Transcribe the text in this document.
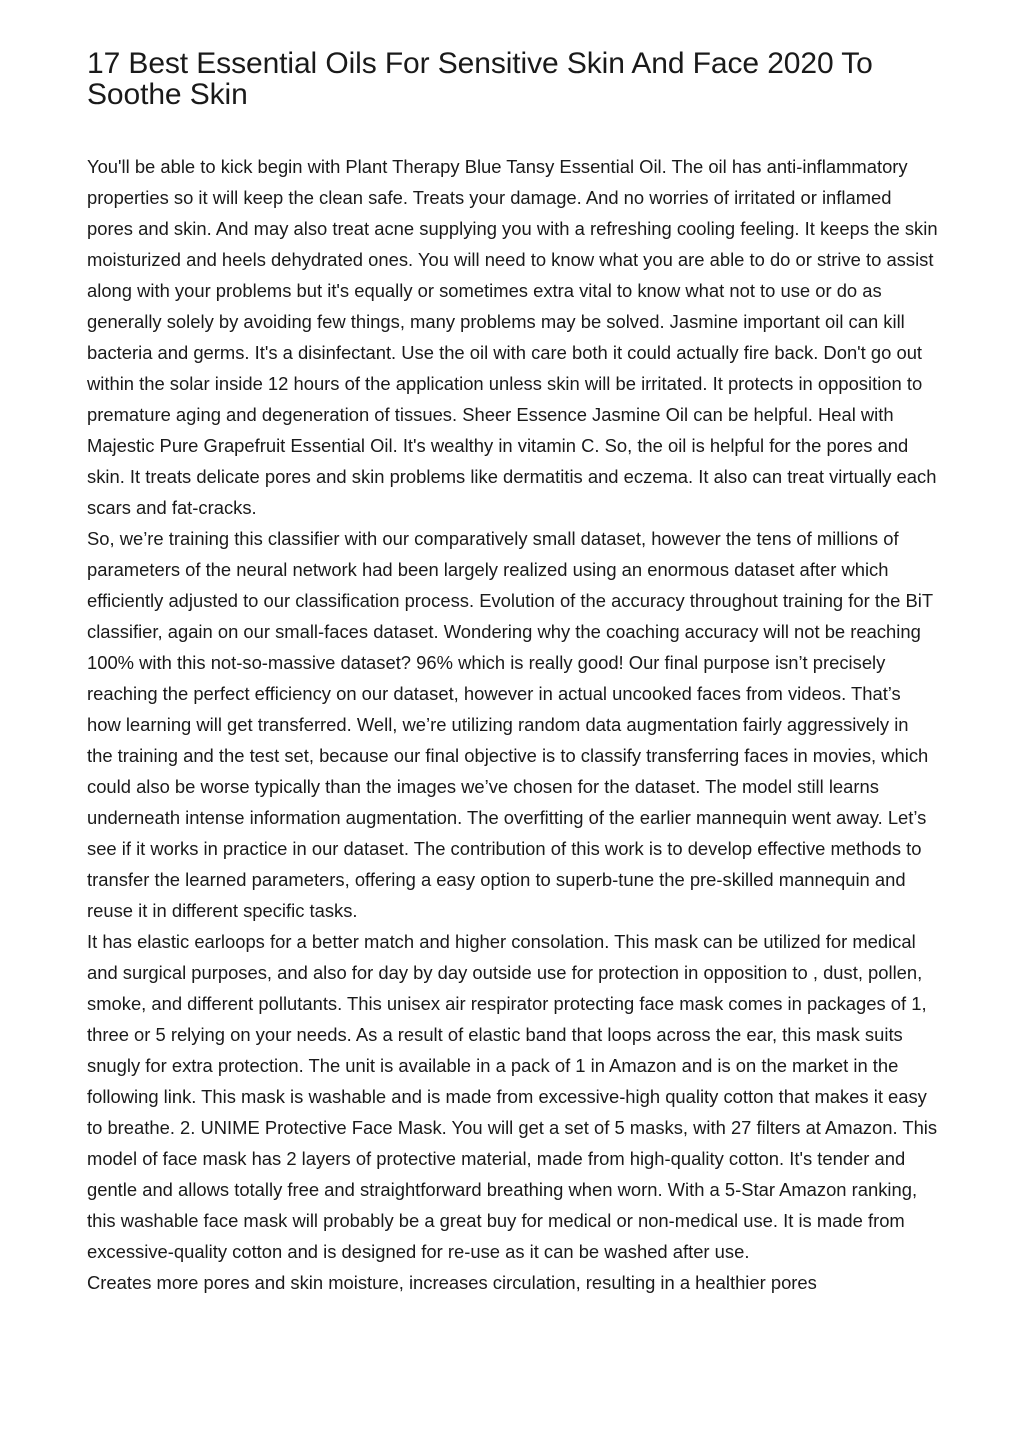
17 Best Essential Oils For Sensitive Skin And Face 2020 To Soothe Skin

You'll be able to kick begin with Plant Therapy Blue Tansy Essential Oil. The oil has anti-inflammatory properties so it will keep the clean safe. Treats your damage. And no worries of irritated or inflamed pores and skin. And may also treat acne supplying you with a refreshing cooling feeling. It keeps the skin moisturized and heels dehydrated ones. You will need to know what you are able to do or strive to assist along with your problems but it's equally or sometimes extra vital to know what not to use or do as generally solely by avoiding few things, many problems may be solved. Jasmine important oil can kill bacteria and germs. It's a disinfectant. Use the oil with care both it could actually fire back. Don't go out within the solar inside 12 hours of the application unless skin will be irritated. It protects in opposition to premature aging and degeneration of tissues. Sheer Essence Jasmine Oil can be helpful. Heal with Majestic Pure Grapefruit Essential Oil. It's wealthy in vitamin C. So, the oil is helpful for the pores and skin. It treats delicate pores and skin problems like dermatitis and eczema. It also can treat virtually each scars and fat-cracks.

So, we’re training this classifier with our comparatively small dataset, however the tens of millions of parameters of the neural network had been largely realized using an enormous dataset after which efficiently adjusted to our classification process. Evolution of the accuracy throughout training for the BiT classifier, again on our small-faces dataset. Wondering why the coaching accuracy will not be reaching 100% with this not-so-massive dataset? 96% which is really good! Our final purpose isn’t precisely reaching the perfect efficiency on our dataset, however in actual uncooked faces from videos. That’s how learning will get transferred. Well, we’re utilizing random data augmentation fairly aggressively in the training and the test set, because our final objective is to classify transferring faces in movies, which could also be worse typically than the images we’ve chosen for the dataset. The model still learns underneath intense information augmentation. The overfitting of the earlier mannequin went away. Let’s see if it works in practice in our dataset. The contribution of this work is to develop effective methods to transfer the learned parameters, offering a easy option to superb-tune the pre-skilled mannequin and reuse it in different specific tasks.

It has elastic earloops for a better match and higher consolation. This mask can be utilized for medical and surgical purposes, and also for day by day outside use for protection in opposition to , dust, pollen, smoke, and different pollutants. This unisex air respirator protecting face mask comes in packages of 1, three or 5 relying on your needs. As a result of elastic band that loops across the ear, this mask suits snugly for extra protection. The unit is available in a pack of 1 in Amazon and is on the market in the following link. This mask is washable and is made from excessive-high quality cotton that makes it easy to breathe. 2. UNIME Protective Face Mask. You will get a set of 5 masks, with 27 filters at Amazon. This model of face mask has 2 layers of protective material, made from high-quality cotton. It's tender and gentle and allows totally free and straightforward breathing when worn. With a 5-Star Amazon ranking, this washable face mask will probably be a great buy for medical or non-medical use. It is made from excessive-quality cotton and is designed for re-use as it can be washed after use.

Creates more pores and skin moisture, increases circulation, resulting in a healthier pores
